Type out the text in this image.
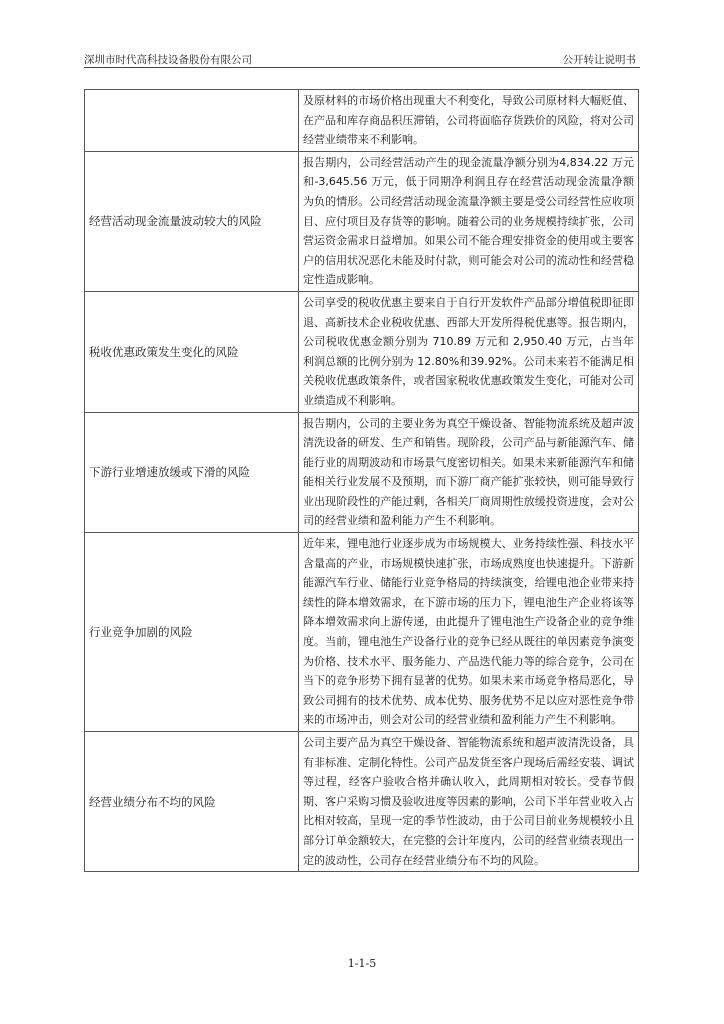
深圳市时代高科技设备股份有限公司	公开转让说明书
	及原材料的市场价格出现重大不利变化，导致公司原材料大幅贬值、在产品和库存商品积压滞销，公司将面临存货跌价的风险，将对公司经营业绩带来不利影响。
经营活动现金流量波动较大的风险	报告期内，公司经营活动产生的现金流量净额分别为4,834.22 万元和-3,645.56 万元，低于同期净利润且存在经营活动现金流量净额为负的情形。公司经营活动现金流量净额主要是受公司经营性应收项目、应付项目及存货等的影响。随着公司的业务规模持续扩张，公司营运资金需求日益增加。如果公司不能合理安排资金的使用或主要客户的信用状况恶化未能及时付款，则可能会对公司的流动性和经营稳定性造成影响。
税收优惠政策发生变化的风险	公司享受的税收优惠主要来自于自行开发软件产品部分增值税即征即退、高新技术企业税收优惠、西部大开发所得税优惠等。报告期内，公司税收优惠金额分别为 710.89 万元和 2,950.40 万元，占当年利润总额的比例分别为 12.80%和39.92%。公司未来若不能满足相关税收优惠政策条件，或者国家税收优惠政策发生变化，可能对公司业绩造成不利影响。
下游行业增速放缓或下滑的风险	报告期内，公司的主要业务为真空干燥设备、智能物流系统及超声波清洗设备的研发、生产和销售。现阶段，公司产品与新能源汽车、储能行业的周期波动和市场景气度密切相关。如果未来新能源汽车和储能相关行业发展不及预期，而下游厂商产能扩张较快，则可能导致行业出现阶段性的产能过剩，各相关厂商周期性放缓投资进度，会对公司的经营业绩和盈利能力产生不利影响。
行业竞争加剧的风险	近年来，锂电池行业逐步成为市场规模大、业务持续性强、科技水平含量高的产业，市场规模快速扩张，市场成熟度也快速提升。下游新能源汽车行业、储能行业竞争格局的持续演变，给锂电池企业带来持续性的降本增效需求，在下游市场的压力下，锂电池生产企业将该等降本增效需求向上游传递，由此提升了锂电池生产设备企业的竞争维度。当前，锂电池生产设备行业的竞争已经从既往的单因素竞争演变为价格、技术水平、服务能力、产品迭代能力等的综合竞争，公司在当下的竞争形势下拥有显著的优势。如果未来市场竞争格局恶化，导致公司拥有的技术优势、成本优势、服务优势不足以应对恶性竞争带来的市场冲击，则会对公司的经营业绩和盈利能力产生不利影响。
经营业绩分布不均的风险	公司主要产品为真空干燥设备、智能物流系统和超声波清洗设备，具有非标准、定制化特性。公司产品发货至客户现场后需经安装、调试等过程，经客户验收合格并确认收入，此周期相对较长。受春节假期、客户采购习惯及验收进度等因素的影响，公司下半年营业收入占比相对较高，呈现一定的季节性波动，由于公司目前业务规模较小且部分订单金额较大，在完整的会计年度内，公司的经营业绩表现出一定的波动性，公司存在经营业绩分布不均的风险。
1-1-5
